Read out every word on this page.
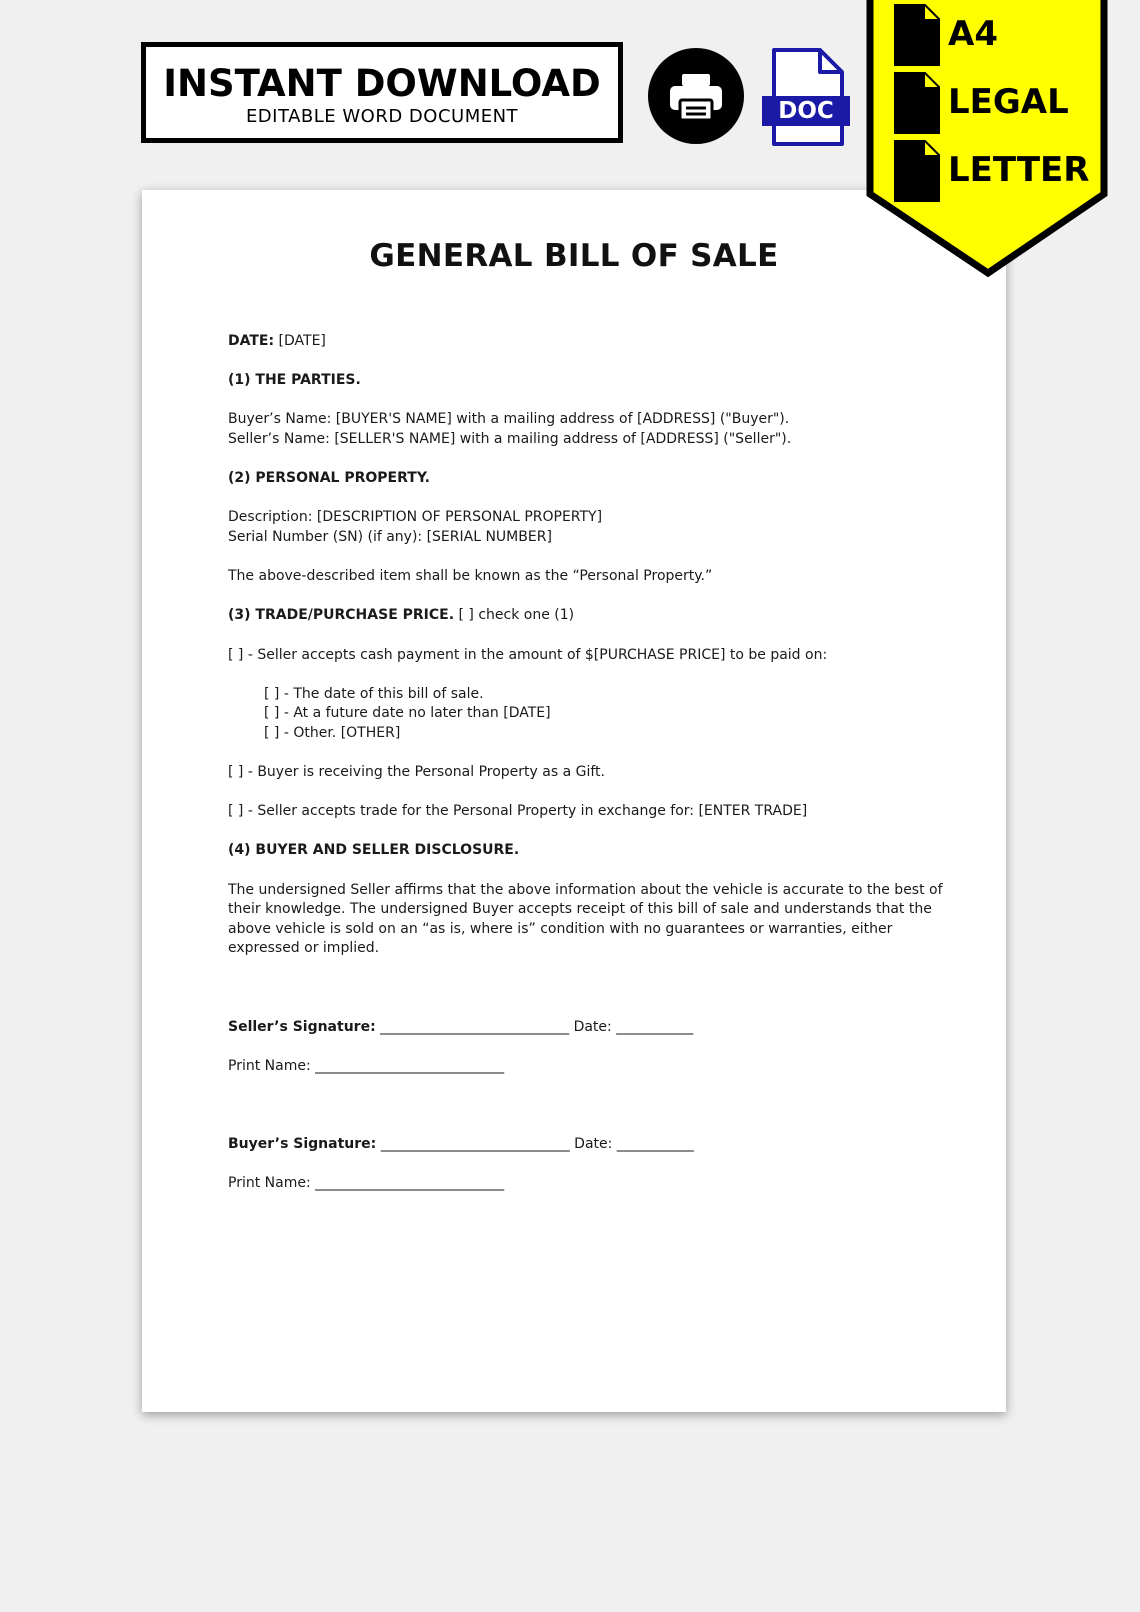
INSTANT DOWNLOAD
EDITABLE WORD DOCUMENT	DOC
GENERAL BILL OF SALE

DATE: [DATE]

(1) THE PARTIES.

Buyer’s Name: [BUYER'S NAME] with a mailing address of [ADDRESS] ("Buyer").

Seller’s Name: [SELLER'S NAME] with a mailing address of [ADDRESS] ("Seller").

(2) PERSONAL PROPERTY.

Description: [DESCRIPTION OF PERSONAL PROPERTY]

Serial Number (SN) (if any): [SERIAL NUMBER]

The above-described item shall be known as the “Personal Property.”

(3) TRADE/PURCHASE PRICE. [ ] check one (1)

[ ] - Seller accepts cash payment in the amount of $[PURCHASE PRICE] to be paid on:

[ ] - The date of this bill of sale.

[ ] - At a future date no later than [DATE]

[ ] - Other. [OTHER]

[ ] - Buyer is receiving the Personal Property as a Gift.

[ ] - Seller accepts trade for the Personal Property in exchange for: [ENTER TRADE]

(4) BUYER AND SELLER DISCLOSURE.

The undersigned Seller affirms that the above information about the vehicle is accurate to the best of their knowledge. The undersigned Buyer accepts receipt of this bill of sale and understands that the above vehicle is sold on an “as is, where is” condition with no guarantees or warranties, either expressed or implied.

Seller’s Signature: ___________________________ Date: ___________

Print Name: ___________________________

Buyer’s Signature: ___________________________ Date: ___________

Print Name: ___________________________

A4
LEGAL
LETTER
